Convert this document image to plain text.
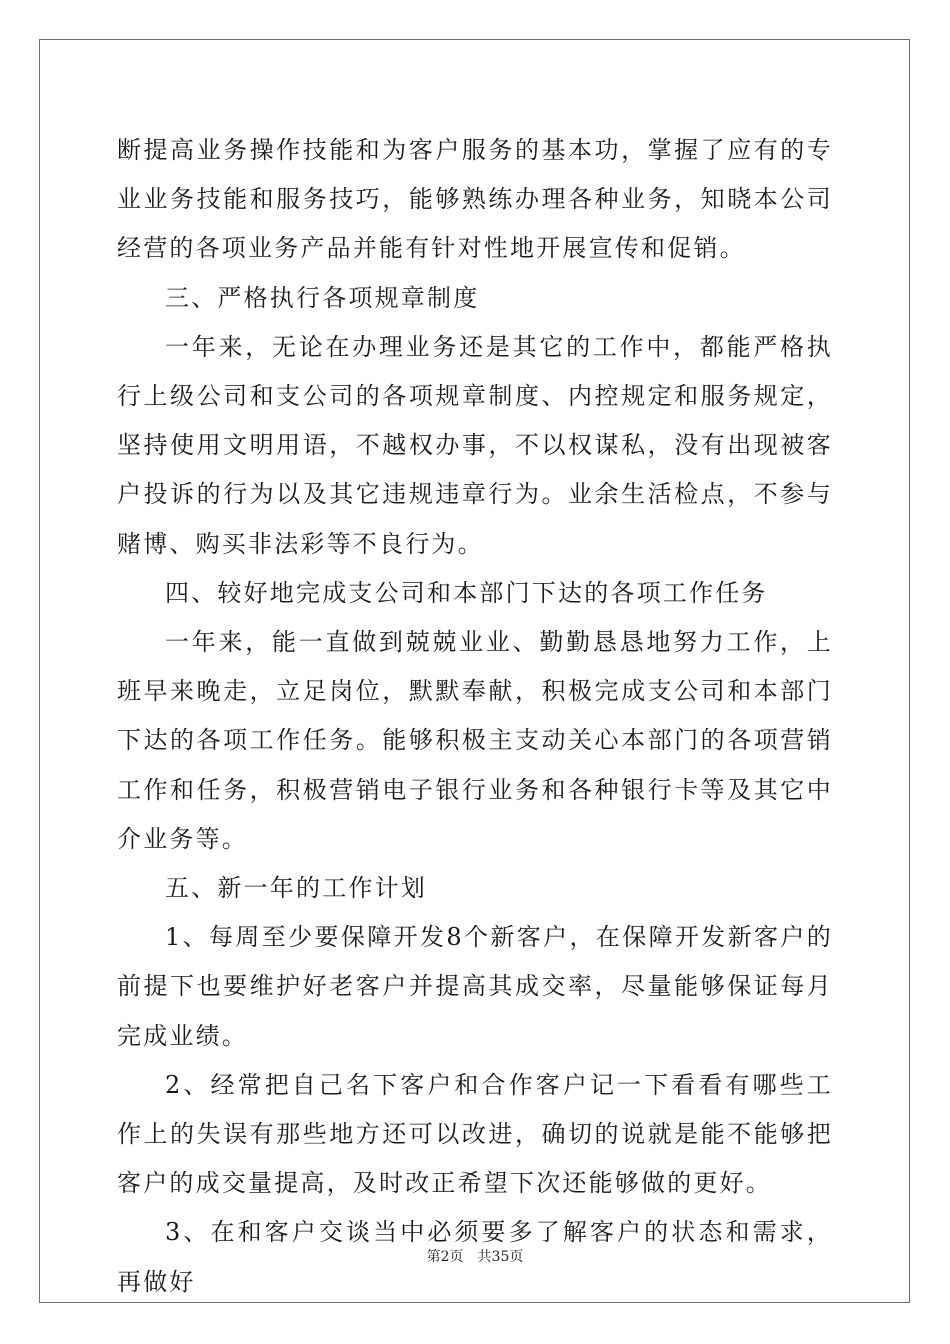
断提高业务操作技能和为客户服务的基本功，掌握了应有的专业业务技能和服务技巧，能够熟练办理各种业务，知晓本公司经营的各项业务产品并能有针对性地开展宣传和促销。

三、严格执行各项规章制度

一年来，无论在办理业务还是其它的工作中，都能严格执行上级公司和支公司的各项规章制度、内控规定和服务规定，坚持使用文明用语，不越权办事，不以权谋私，没有出现被客户投诉的行为以及其它违规违章行为。业余生活检点，不参与赌博、购买非法彩等不良行为。

四、较好地完成支公司和本部门下达的各项工作任务

一年来，能一直做到兢兢业业、勤勤恳恳地努力工作，上班早来晚走，立足岗位，默默奉献，积极完成支公司和本部门下达的各项工作任务。能够积极主支动关心本部门的各项营销工作和任务，积极营销电子银行业务和各种银行卡等及其它中介业务等。

五、新一年的工作计划

1、每周至少要保障开发8个新客户，在保障开发新客户的前提下也要维护好老客户并提高其成交率，尽量能够保证每月完成业绩。

2、经常把自己名下客户和合作客户记一下看看有哪些工作上的失误有那些地方还可以改进，确切的说就是能不能够把客户的成交量提高，及时改正希望下次还能够做的更好。

3、在和客户交谈当中必须要多了解客户的状态和需求，再做好

第2页 共35页
